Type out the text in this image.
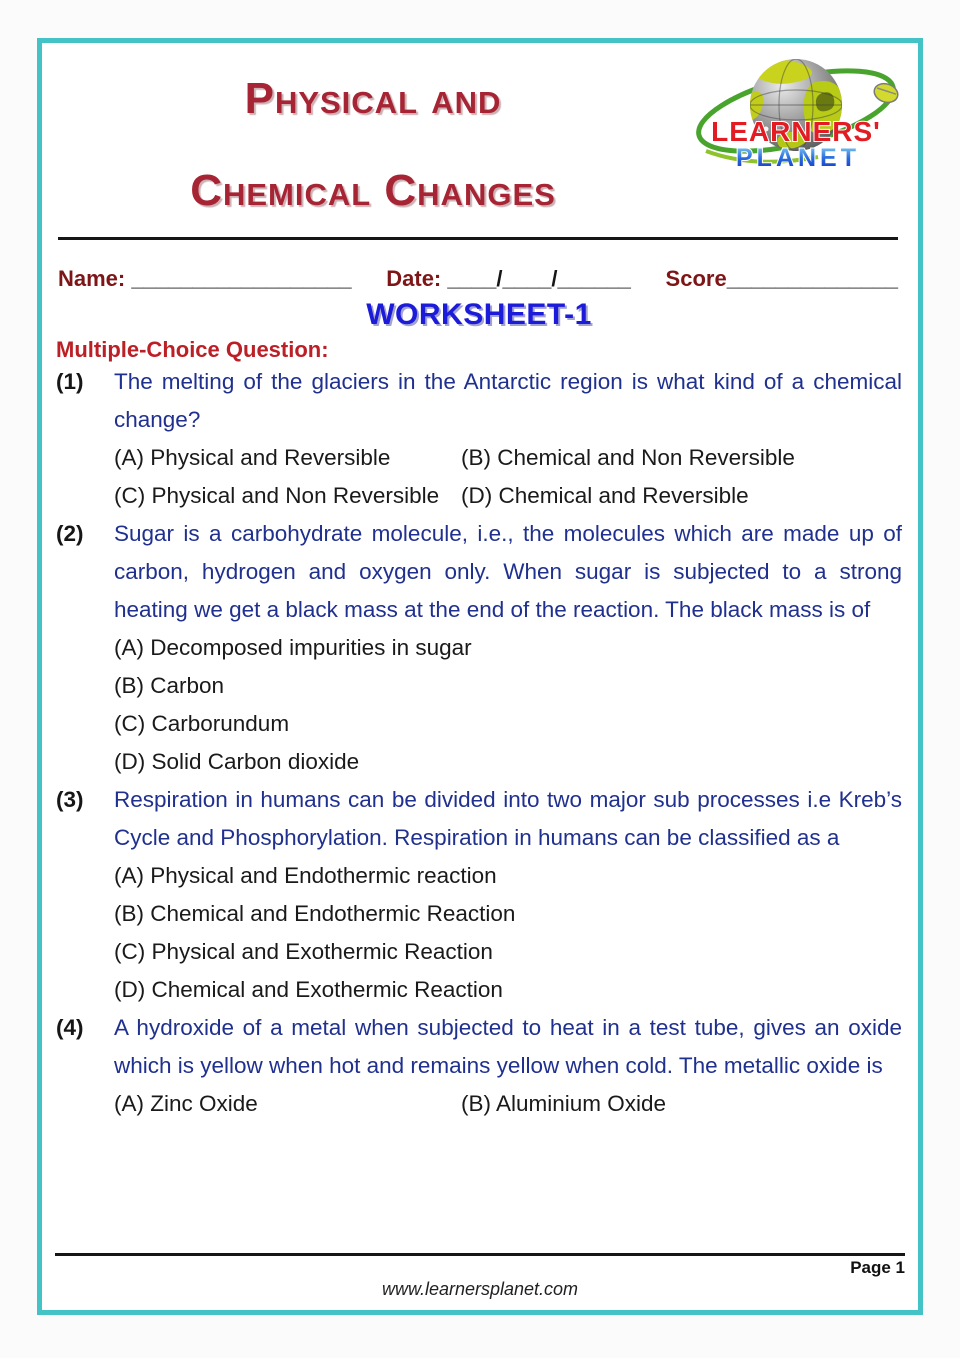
Physical and
Chemical Changes
LEARNERS'
PLANET
Name: __________________ Date: ____/____/______ Score______________
WORKSHEET-1
Multiple-Choice Question:
(1)	The melting of the glaciers in the Antarctic region is what kind of a chemical change?
(A) Physical and Reversible	(B) Chemical and Non Reversible
(C) Physical and Non Reversible (D) Chemical and Reversible
(2)	Sugar is a carbohydrate molecule, i.e., the molecules which are made up of carbon, hydrogen and oxygen only. When sugar is subjected to a strong heating we get a black mass at the end of the reaction. The black mass is of
(A) Decomposed impurities in sugar
(B) Carbon
(C) Carborundum
(D) Solid Carbon dioxide
(3)	Respiration in humans can be divided into two major sub processes i.e Kreb’s Cycle and Phosphorylation. Respiration in humans can be classified as a
(A) Physical and Endothermic reaction
(B) Chemical and Endothermic Reaction
(C) Physical and Exothermic Reaction
(D) Chemical and Exothermic Reaction
(4)	A hydroxide of a metal when subjected to heat in a test tube, gives an oxide which is yellow when hot and remains yellow when cold. The metallic oxide is
(A) Zinc Oxide	(B) Aluminium Oxide
Page 1
www.learnersplanet.com
